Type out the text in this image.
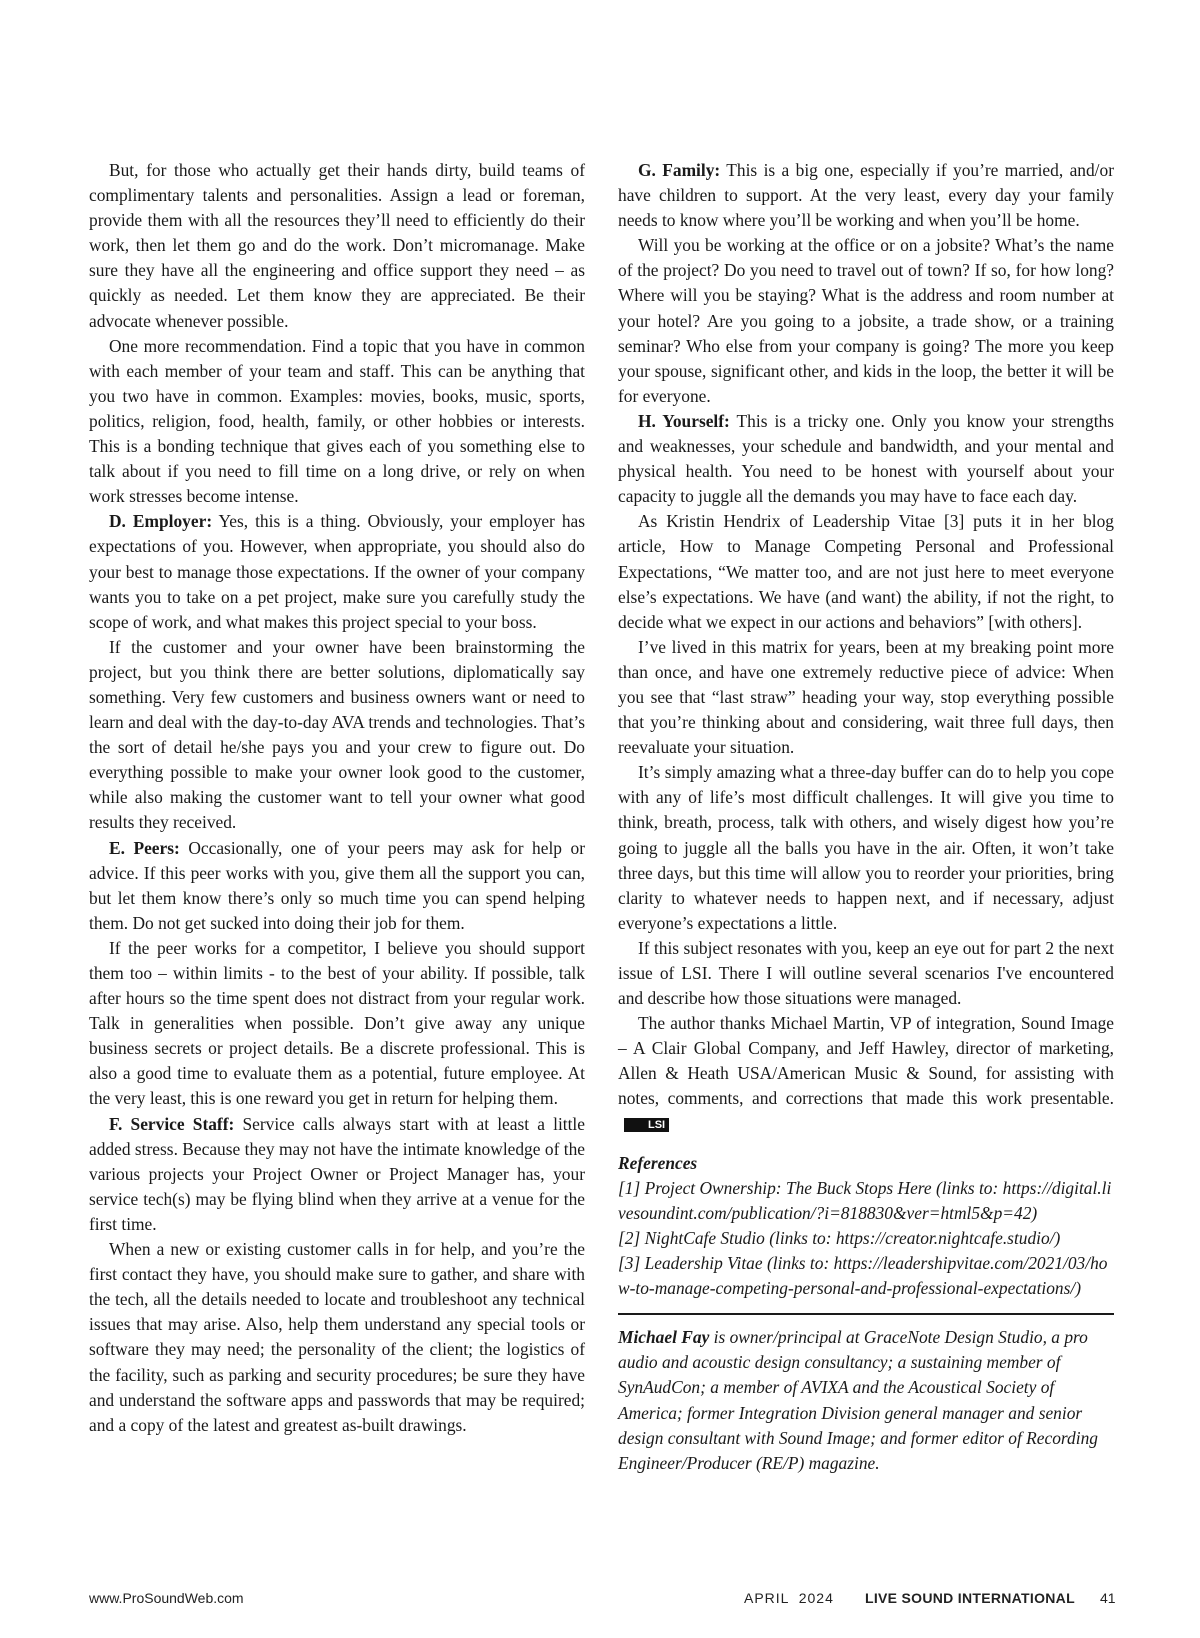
But, for those who actually get their hands dirty, build teams of complimentary talents and personalities. Assign a lead or foreman, provide them with all the resources they’ll need to efficiently do their work, then let them go and do the work. Don’t micromanage. Make sure they have all the engineering and office support they need – as quickly as needed. Let them know they are appreciated. Be their advocate whenever possible.

One more recommendation. Find a topic that you have in common with each member of your team and staff. This can be anything that you two have in common. Examples: movies, books, music, sports, politics, religion, food, health, family, or other hobbies or interests. This is a bonding technique that gives each of you something else to talk about if you need to fill time on a long drive, or rely on when work stresses become intense.

D. Employer: Yes, this is a thing. Obviously, your employer has expectations of you. However, when appropriate, you should also do your best to manage those expectations. If the owner of your company wants you to take on a pet project, make sure you carefully study the scope of work, and what makes this project special to your boss.

If the customer and your owner have been brainstorming the project, but you think there are better solutions, diplomatically say something. Very few customers and business owners want or need to learn and deal with the day-to-day AVA trends and technologies. That’s the sort of detail he/she pays you and your crew to figure out. Do everything possible to make your owner look good to the customer, while also making the customer want to tell your owner what good results they received.

E. Peers: Occasionally, one of your peers may ask for help or advice. If this peer works with you, give them all the support you can, but let them know there’s only so much time you can spend helping them. Do not get sucked into doing their job for them.

If the peer works for a competitor, I believe you should support them too – within limits - to the best of your ability. If possible, talk after hours so the time spent does not distract from your regular work. Talk in generalities when possible. Don’t give away any unique business secrets or project details. Be a discrete professional. This is also a good time to evaluate them as a potential, future employee. At the very least, this is one reward you get in return for helping them.

F. Service Staff: Service calls always start with at least a little added stress. Because they may not have the intimate knowledge of the various projects your Project Owner or Project Manager has, your service tech(s) may be flying blind when they arrive at a venue for the first time.

When a new or existing customer calls in for help, and you’re the first contact they have, you should make sure to gather, and share with the tech, all the details needed to locate and troubleshoot any technical issues that may arise. Also, help them understand any special tools or software they may need; the personality of the client; the logistics of the facility, such as parking and security procedures; be sure they have and understand the software apps and passwords that may be required; and a copy of the latest and greatest as-built drawings.

G. Family: This is a big one, especially if you’re married, and/or have children to support. At the very least, every day your family needs to know where you’ll be working and when you’ll be home.

Will you be working at the office or on a jobsite? What’s the name of the project? Do you need to travel out of town? If so, for how long? Where will you be staying? What is the address and room number at your hotel? Are you going to a jobsite, a trade show, or a training seminar? Who else from your company is going? The more you keep your spouse, significant other, and kids in the loop, the better it will be for everyone.

H. Yourself: This is a tricky one. Only you know your strengths and weaknesses, your schedule and bandwidth, and your mental and physical health. You need to be honest with yourself about your capacity to juggle all the demands you may have to face each day.

As Kristin Hendrix of Leadership Vitae [3] puts it in her blog article, How to Manage Competing Personal and Professional Expectations, “We matter too, and are not just here to meet everyone else’s expectations. We have (and want) the ability, if not the right, to decide what we expect in our actions and behaviors” [with others].

I’ve lived in this matrix for years, been at my breaking point more than once, and have one extremely reductive piece of advice: When you see that “last straw” heading your way, stop everything possible that you’re thinking about and considering, wait three full days, then reevaluate your situation.

It’s simply amazing what a three-day buffer can do to help you cope with any of life’s most difficult challenges. It will give you time to think, breath, process, talk with others, and wisely digest how you’re going to juggle all the balls you have in the air. Often, it won’t take three days, but this time will allow you to reorder your priorities, bring clarity to whatever needs to happen next, and if necessary, adjust everyone’s expectations a little.

If this subject resonates with you, keep an eye out for part 2 the next issue of LSI. There I will outline several scenarios I've encountered and describe how those situations were managed.

The author thanks Michael Martin, VP of integration, Sound Image – A Clair Global Company, and Jeff Hawley, director of marketing, Allen & Heath USA/American Music & Sound, for assisting with notes, comments, and corrections that made this work presentable.LSI

References
[1] Project Ownership: The Buck Stops Here (links to: https://digital.livesoundint.com/publication/?i=818830&ver=html5&p=42)
[2] NightCafe Studio (links to: https://creator.nightcafe.studio/)
[3] Leadership Vitae (links to: https://leadershipvitae.com/2021/03/how-to-manage-competing-personal-and-professional-expectations/)
Michael Fay is owner/principal at GraceNote Design Studio, a pro audio and acoustic design consultancy; a sustaining member of SynAudCon; a member of AVIXA and the Acoustical Society of America; former Integration Division general manager and senior design consultant with Sound Image; and former editor of Recording Engineer/Producer (RE/P) magazine.
www.ProSoundWeb.com	APRIL  2024 LIVE SOUND INTERNATIONAL 41
